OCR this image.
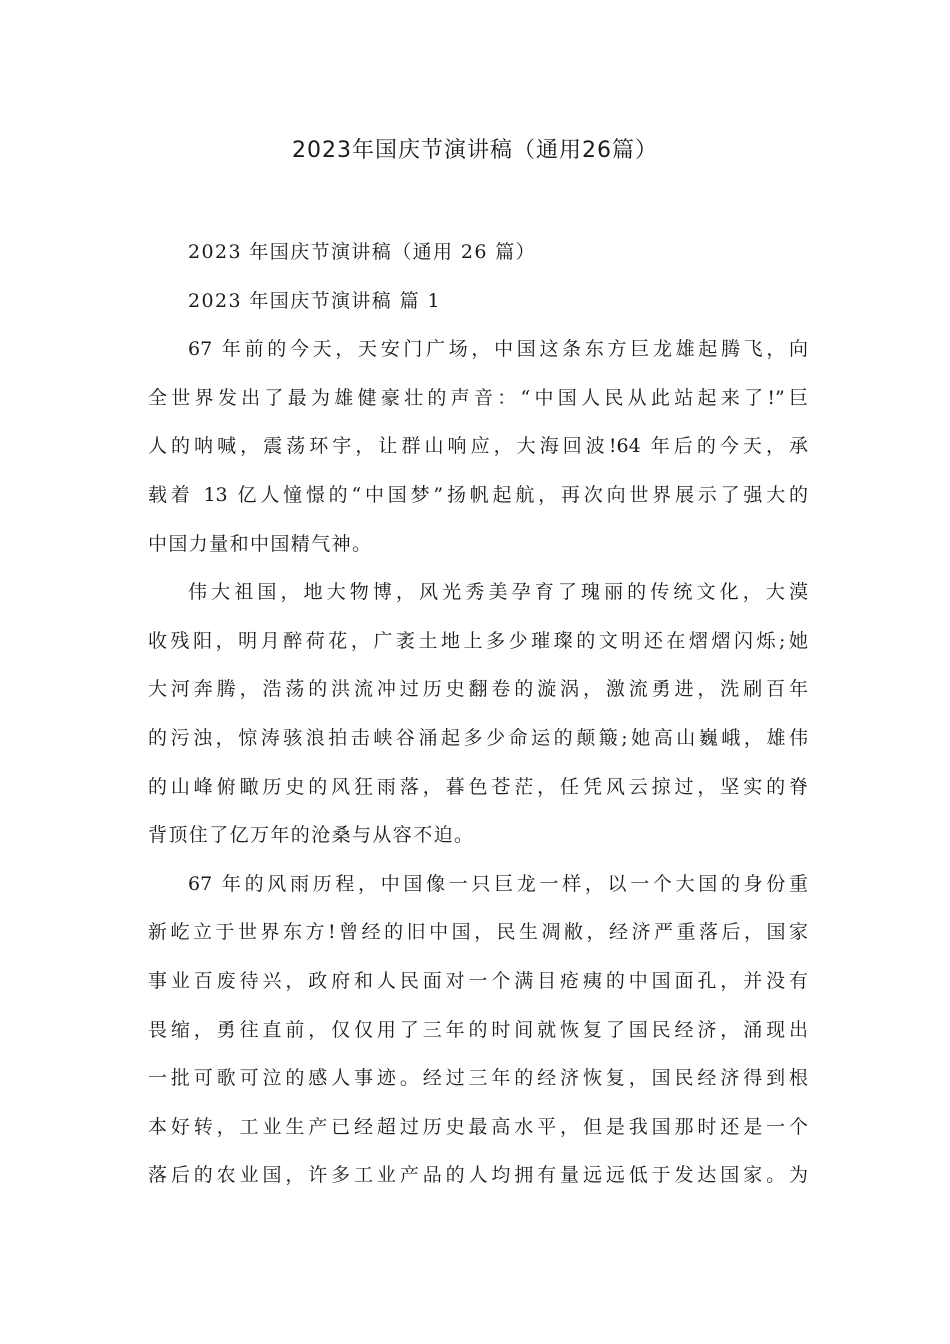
2023年国庆节演讲稿（通用26篇）

2023 年国庆节演讲稿（通用 26 篇）

2023 年国庆节演讲稿 篇 1

67 年前的今天，天安门广场，中国这条东方巨龙雄起腾飞，向

全世界发出了最为雄健豪壮的声音：“中国人民从此站起来了!”巨

人的呐喊，震荡环宇，让群山响应，大海回波!64 年后的今天，承

载着 13 亿人憧憬的“中国梦”扬帆起航，再次向世界展示了强大的

中国力量和中国精气神。

伟大祖国，地大物博，风光秀美孕育了瑰丽的传统文化，大漠

收残阳，明月醉荷花，广袤土地上多少璀璨的文明还在熠熠闪烁;她

大河奔腾，浩荡的洪流冲过历史翻卷的漩涡，激流勇进，洗刷百年

的污浊，惊涛骇浪拍击峡谷涌起多少命运的颠簸;她高山巍峨，雄伟

的山峰俯瞰历史的风狂雨落，暮色苍茫，任凭风云掠过，坚实的脊

背顶住了亿万年的沧桑与从容不迫。

67 年的风雨历程，中国像一只巨龙一样，以一个大国的身份重

新屹立于世界东方!曾经的旧中国，民生凋敝，经济严重落后，国家

事业百废待兴，政府和人民面对一个满目疮痍的中国面孔，并没有

畏缩，勇往直前，仅仅用了三年的时间就恢复了国民经济，涌现出

一批可歌可泣的感人事迹。经过三年的经济恢复，国民经济得到根

本好转，工业生产已经超过历史最高水平，但是我国那时还是一个

落后的农业国，许多工业产品的人均拥有量远远低于发达国家。为
